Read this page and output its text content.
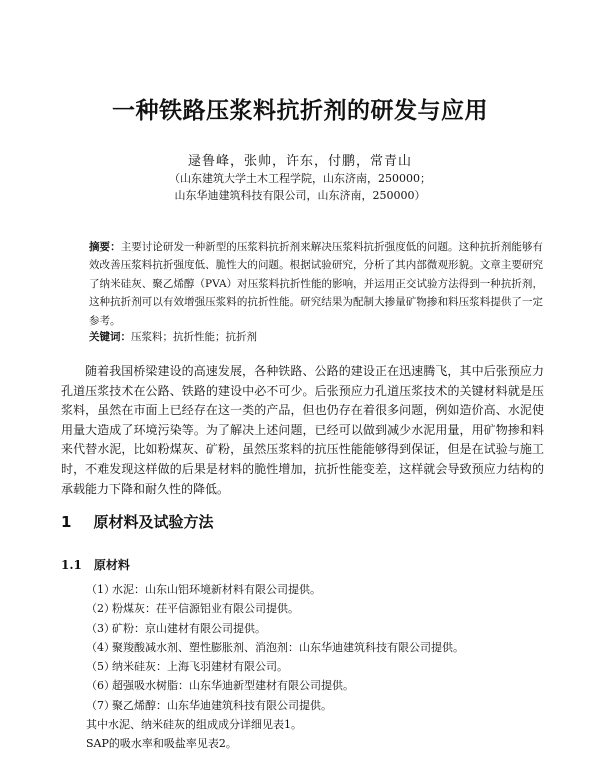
一种铁路压浆料抗折剂的研发与应用
逯鲁峰，张帅，许东，付鹏，常青山
（山东建筑大学土木工程学院，山东济南，250000；
山东华迪建筑科技有限公司，山东济南，250000）
摘要：主要讨论研发一种新型的压浆料抗折剂来解决压浆料抗折强度低的问题。这种抗折剂能够有效改善压浆料抗折强度低、脆性大的问题。根据试验研究，分析了其内部微观形貌。文章主要研究了纳米硅灰、聚乙烯醇（PVA）对压浆料抗折性能的影响，并运用正交试验方法得到一种抗折剂，这种抗折剂可以有效增强压浆料的抗折性能。研究结果为配制大掺量矿物掺和料压浆料提供了一定参考。
关键词：压浆料；抗折性能；抗折剂
随着我国桥梁建设的高速发展，各种铁路、公路的建设正在迅速腾飞，其中后张预应力孔道压浆技术在公路、铁路的建设中必不可少。后张预应力孔道压浆技术的关键材料就是压浆料，虽然在市面上已经存在这一类的产品，但也仍存在着很多问题，例如造价高、水泥使用量大造成了环境污染等。为了解决上述问题，已经可以做到减少水泥用量，用矿物掺和料来代替水泥，比如粉煤灰、矿粉，虽然压浆料的抗压性能能够得到保证，但是在试验与施工时，不难发现这样做的后果是材料的脆性增加，抗折性能变差，这样就会导致预应力结构的承载能力下降和耐久性的降低。
1 原材料及试验方法
1.1 原材料
（1）水泥：山东山铝环境新材料有限公司提供。
（2）粉煤灰：茌平信源铝业有限公司提供。
（3）矿粉：京山建材有限公司提供。
（4）聚羧酸减水剂、塑性膨胀剂、消泡剂：山东华迪建筑科技有限公司提供。
（5）纳米硅灰：上海飞羽建材有限公司。
（6）超强吸水树脂：山东华迪新型建材有限公司提供。
（7）聚乙烯醇：山东华迪建筑科技有限公司提供。
其中水泥、纳米硅灰的组成成分详细见表1。
SAP的吸水率和吸盐率见表2。
